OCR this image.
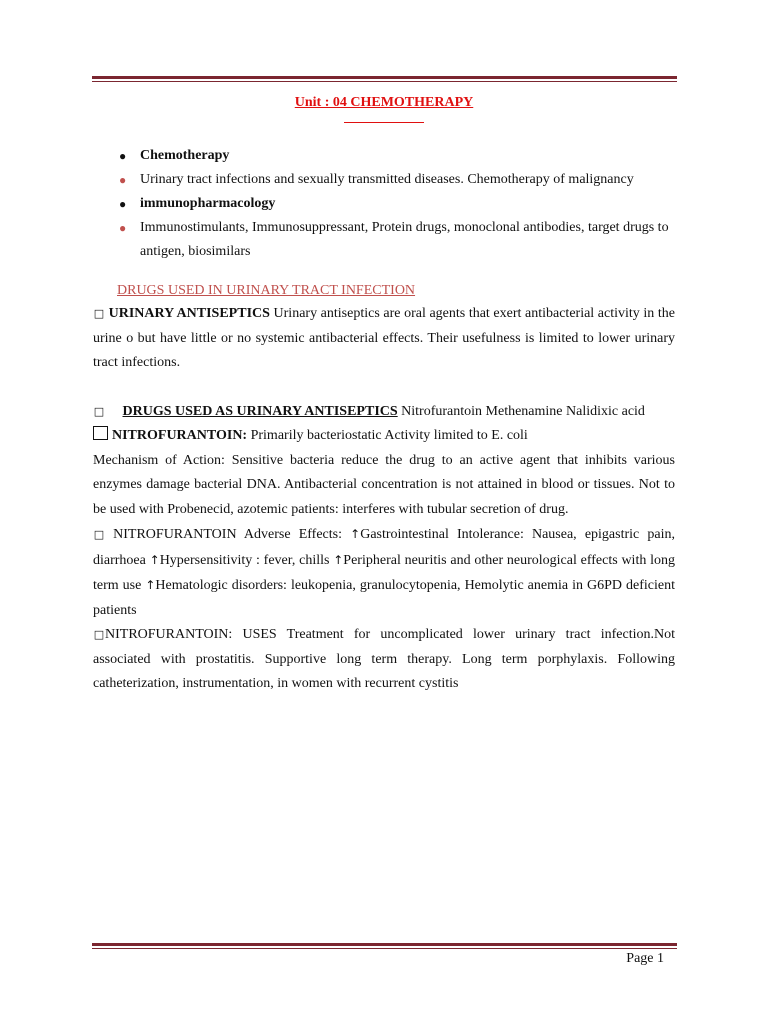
Unit : 04 CHEMOTHERAPY
● Chemotherapy
● Urinary tract infections and sexually transmitted diseases. Chemotherapy of malignancy
● immunopharmacology
● Immunostimulants, Immunosuppressant, Protein drugs, monoclonal antibodies, target drugs to antigen, biosimilars
DRUGS USED IN URINARY TRACT INFECTION

□ URINARY ANTISEPTICS Urinary antiseptics are oral agents that exert antibacterial activity in the urine o but have little or no systemic antibacterial effects. Their usefulness is limited to lower urinary tract infections.

□ DRUGS USED AS URINARY ANTISEPTICS Nitrofurantoin Methenamine Nalidixic acid

NITROFURANTOIN: Primarily bacteriostatic Activity limited to E. coli

Mechanism of Action: Sensitive bacteria reduce the drug to an active agent that inhibits various enzymes damage bacterial DNA. Antibacterial concentration is not attained in blood or tissues. Not to be used with Probenecid, azotemic patients: interferes with tubular secretion of drug.

□ NITROFURANTOIN Adverse Effects: ↑Gastrointestinal Intolerance: Nausea, epigastric pain, diarrhoea ↑Hypersensitivity : fever, chills ↑Peripheral neuritis and other neurological effects with long term use ↑Hematologic disorders: leukopenia, granulocytopenia, Hemolytic anemia in G6PD deficient patients

□NITROFURANTOIN: USES Treatment for uncomplicated lower urinary tract infection.Not associated with prostatitis. Supportive long term therapy. Long term porphylaxis. Following catheterization, instrumentation, in women with recurrent cystitis

Page 1
